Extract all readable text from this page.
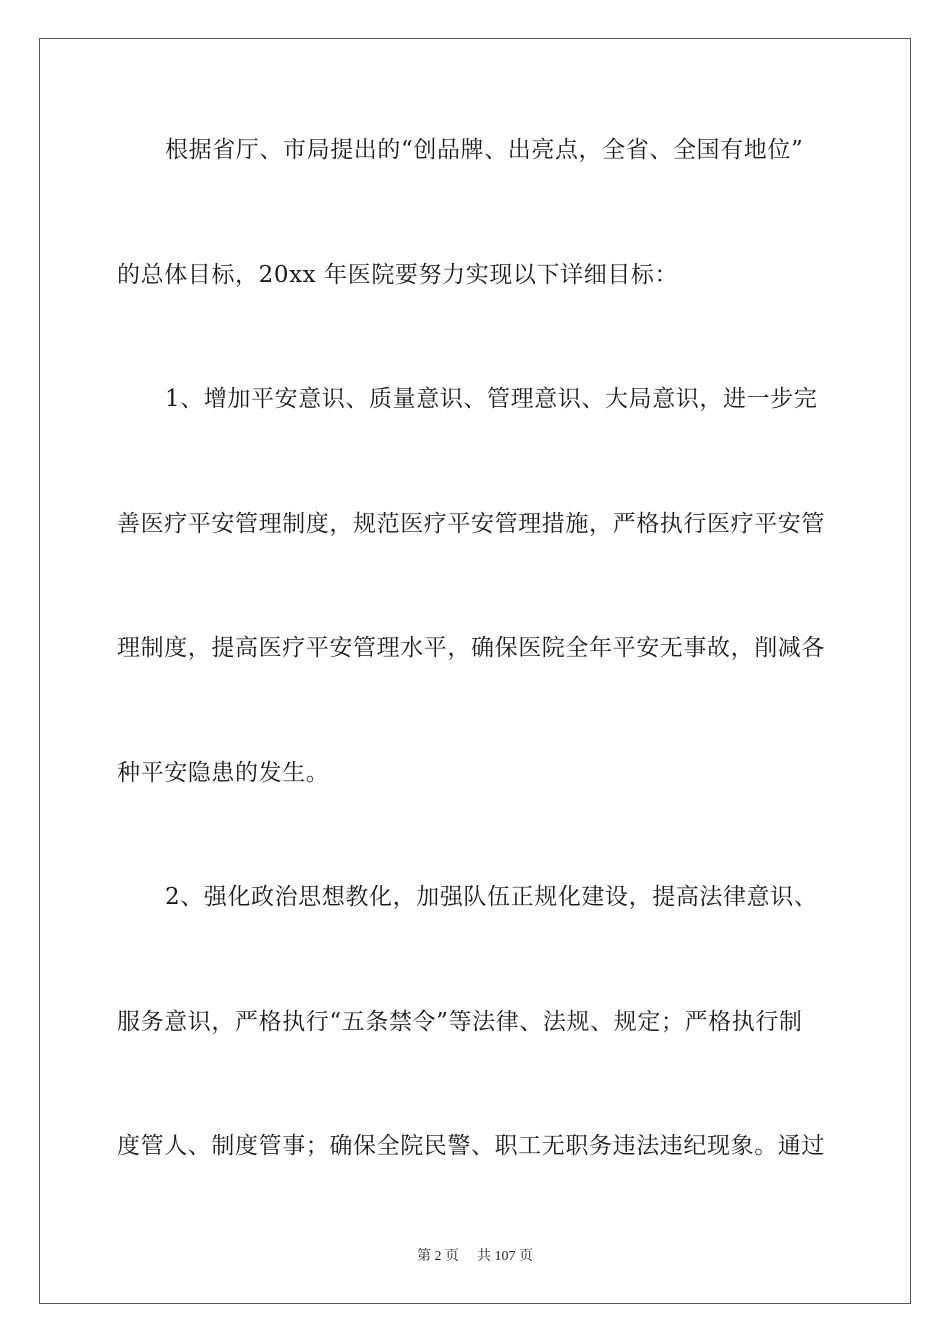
根据省厅、市局提出的“创品牌、出亮点，全省、全国有地位”
的总体目标，20xx 年医院要努力实现以下详细目标：
1、增加平安意识、质量意识、管理意识、大局意识，进一步完
善医疗平安管理制度，规范医疗平安管理措施，严格执行医疗平安管
理制度，提高医疗平安管理水平，确保医院全年平安无事故，削减各
种平安隐患的发生。
2、强化政治思想教化，加强队伍正规化建设，提高法律意识、
服务意识，严格执行“五条禁令”等法律、法规、规定；严格执行制
度管人、制度管事；确保全院民警、职工无职务违法违纪现象。通过
第 2 页 共 107 页
